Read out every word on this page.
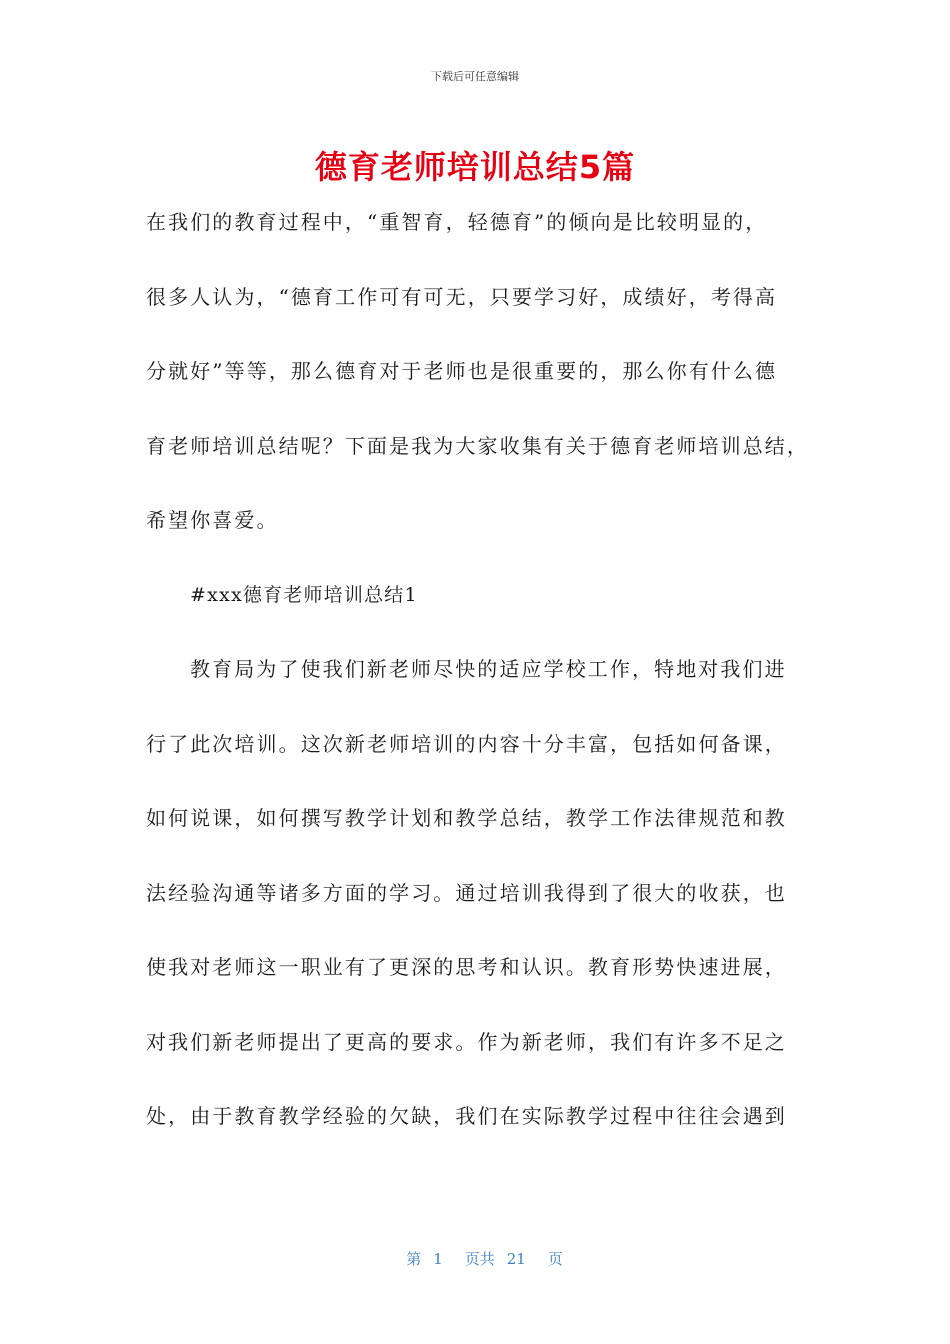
下载后可任意编辑
德育老师培训总结5篇
在我们的教育过程中，“重智育，轻德育”的倾向是比较明显的，
很多人认为，“德育工作可有可无，只要学习好，成绩好，考得高
分就好”等等，那么德育对于老师也是很重要的，那么你有什么德
育老师培训总结呢？下面是我为大家收集有关于德育老师培训总结，
希望你喜爱。
#xxx德育老师培训总结1
教育局为了使我们新老师尽快的适应学校工作，特地对我们进
行了此次培训。这次新老师培训的内容十分丰富，包括如何备课，
如何说课，如何撰写教学计划和教学总结，教学工作法律规范和教
法经验沟通等诸多方面的学习。通过培训我得到了很大的收获，也
使我对老师这一职业有了更深的思考和认识。教育形势快速进展，
对我们新老师提出了更高的要求。作为新老师，我们有许多不足之
处，由于教育教学经验的欠缺，我们在实际教学过程中往往会遇到

第 1 页共 21 页
